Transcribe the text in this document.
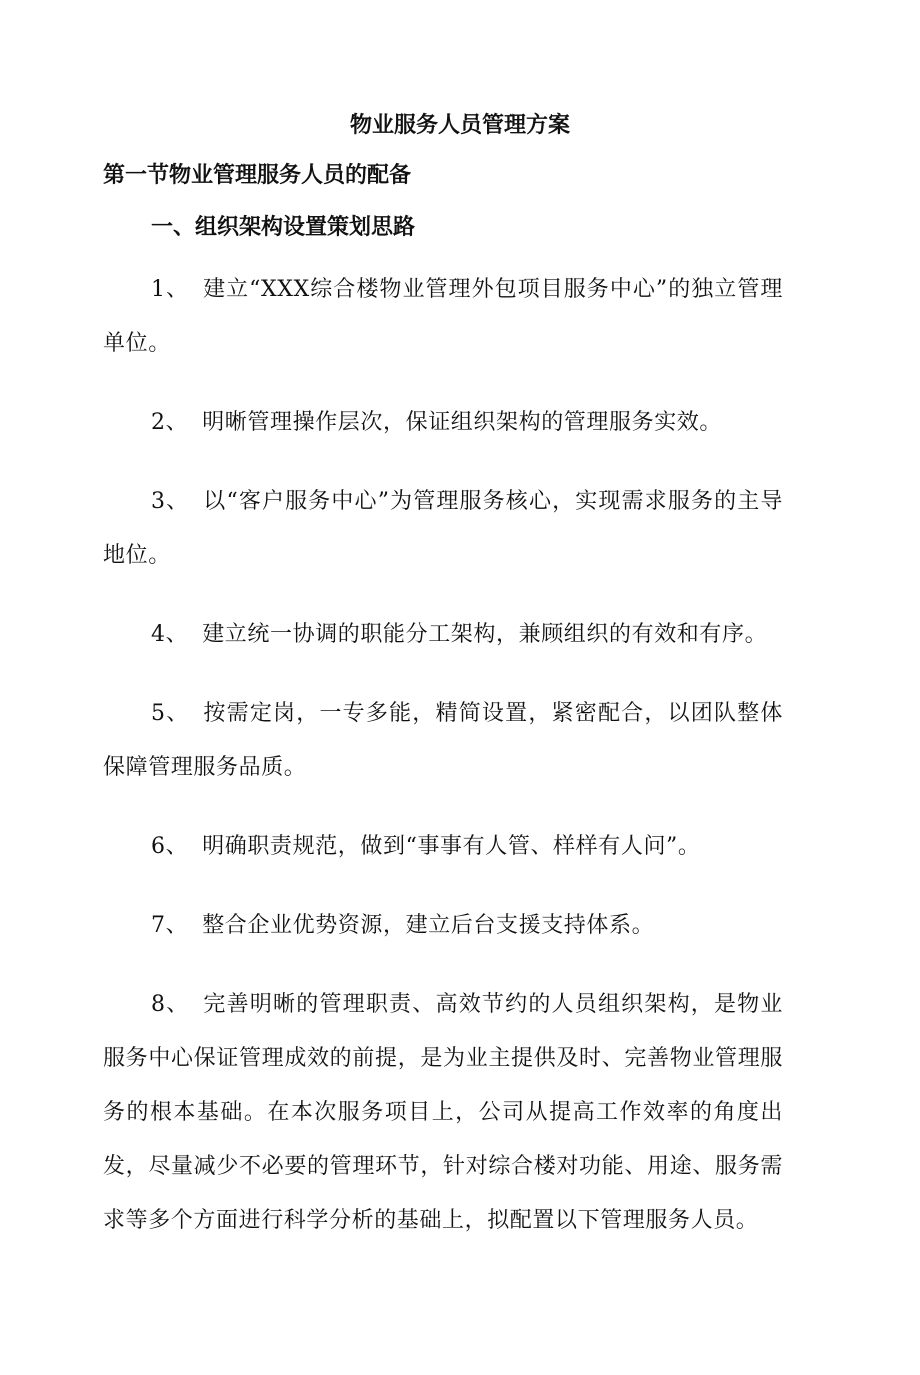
物业服务人员管理方案
第一节物业管理服务人员的配备
一、组织架构设置策划思路

1、 建立“XXX综合楼物业管理外包项目服务中心”的独立管理单位。

2、 明晰管理操作层次，保证组织架构的管理服务实效。

3、 以“客户服务中心”为管理服务核心，实现需求服务的主导地位。

4、 建立统一协调的职能分工架构，兼顾组织的有效和有序。

5、 按需定岗，一专多能，精简设置，紧密配合，以团队整体保障管理服务品质。

6、 明确职责规范，做到“事事有人管、样样有人问”。

7、 整合企业优势资源，建立后台支援支持体系。

8、 完善明晰的管理职责、高效节约的人员组织架构，是物业服务中心保证管理成效的前提，是为业主提供及时、完善物业管理服务的根本基础。在本次服务项目上，公司从提高工作效率的角度出发，尽量减少不必要的管理环节，针对综合楼对功能、用途、服务需求等多个方面进行科学分析的基础上，拟配置以下管理服务人员。
